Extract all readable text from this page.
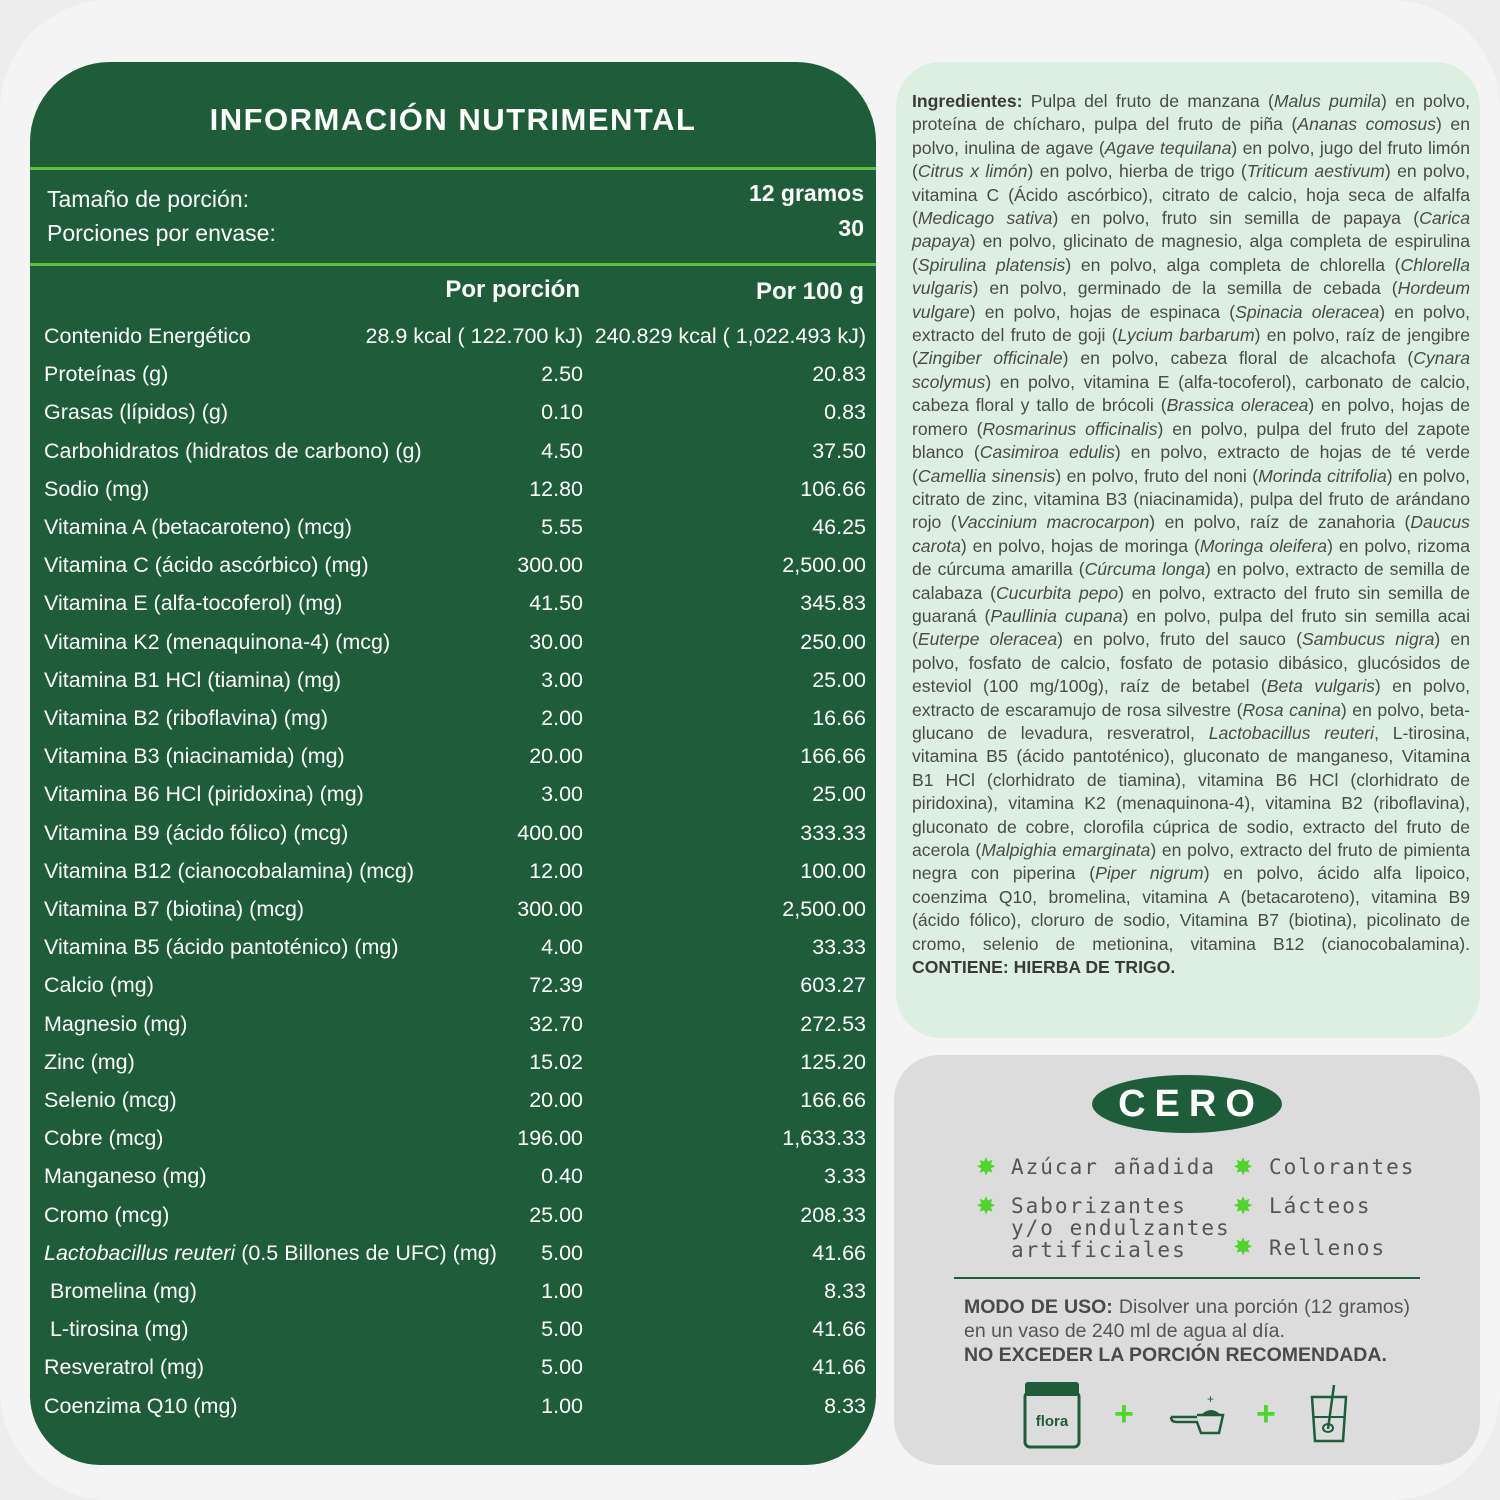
INFORMACIÓN NUTRIMENTAL
Tamaño de porción:	12 gramos
Porciones por envase:	30
Por porción	Por 100 g
Contenido Energético	28.9 kcal ( 122.700 kJ) 240.829 kcal ( 1,022.493 kJ)
Proteínas (g)	2.50	20.83
Grasas (lípidos) (g)	0.10	0.83
Carbohidratos (hidratos de carbono) (g)	4.50	37.50
Sodio (mg)	12.80	106.66
Vitamina A (betacaroteno) (mcg)	5.55	46.25
Vitamina C (ácido ascórbico) (mg)	300.00	2,500.00
Vitamina E (alfa-tocoferol) (mg)	41.50	345.83
Vitamina K2 (menaquinona-4) (mcg)	30.00	250.00
Vitamina B1 HCl (tiamina) (mg)	3.00	25.00
Vitamina B2 (riboflavina) (mg)	2.00	16.66
Vitamina B3 (niacinamida) (mg)	20.00	166.66
Vitamina B6 HCl (piridoxina) (mg)	3.00	25.00
Vitamina B9 (ácido fólico) (mcg)	400.00	333.33
Vitamina B12 (cianocobalamina) (mcg)	12.00	100.00
Vitamina B7 (biotina) (mcg)	300.00	2,500.00
Vitamina B5 (ácido pantoténico) (mg)	4.00	33.33
Calcio (mg)	72.39	603.27
Magnesio (mg)	32.70	272.53
Zinc (mg)	15.02	125.20
Selenio (mcg)	20.00	166.66
Cobre (mcg)	196.00	1,633.33
Manganeso (mg)	0.40	3.33
Cromo (mcg)	25.00	208.33
Lactobacillus reuteri (0.5 Billones de UFC) (mg) 5.00	41.66
Bromelina (mg)	1.00	8.33
L-tirosina (mg)	5.00	41.66
Resveratrol (mg)	5.00	41.66
Coenzima Q10 (mg)	1.00	8.33

Ingredientes: Pulpa del fruto de manzana (Malus pumila) en polvo, proteína de chícharo, pulpa del fruto de piña (Ananas comosus) en polvo, inulina de agave (Agave tequilana) en polvo, jugo del fruto limón (Citrus x limón) en polvo, hierba de trigo (Triticum aestivum) en polvo, vitamina C (Ácido ascórbico), citrato de calcio, hoja seca de alfalfa (Medicago sativa) en polvo, fruto sin semilla de papaya (Carica papaya) en polvo, glicinato de magnesio, alga completa de espirulina (Spirulina platensis) en polvo, alga completa de chlorella (Chlorella vulgaris) en polvo, germinado de la semilla de cebada (Hordeum vulgare) en polvo, hojas de espinaca (Spinacia oleracea) en polvo, extracto del fruto de goji (Lycium barbarum) en polvo, raíz de jengibre (Zingiber officinale) en polvo, cabeza floral de alcachofa (Cynara scolymus) en polvo, vitamina E (alfa-tocoferol), carbonato de calcio, cabeza floral y tallo de brócoli (Brassica oleracea) en polvo, hojas de romero (Rosmarinus officinalis) en polvo, pulpa del fruto del zapote blanco (Casimiroa edulis) en polvo, extracto de hojas de té verde (Camellia sinensis) en polvo, fruto del noni (Morinda citrifolia) en polvo, citrato de zinc, vitamina B3 (niacinamida), pulpa del fruto de arándano rojo (Vaccinium macrocarpon) en polvo, raíz de zanahoria (Daucus carota) en polvo, hojas de moringa (Moringa oleifera) en polvo, rizoma de cúrcuma amarilla (Cúrcuma longa) en polvo, extracto de semilla de calabaza (Cucurbita pepo) en polvo, extracto del fruto sin semilla de guaraná (Paullinia cupana) en polvo, pulpa del fruto sin semilla acai (Euterpe oleracea) en polvo, fruto del sauco (Sambucus nigra) en polvo, fosfato de calcio, fosfato de potasio dibásico, glucósidos de esteviol (100 mg/100g), raíz de betabel (Beta vulgaris) en polvo, extracto de escaramujo de rosa silvestre (Rosa canina) en polvo, beta-glucano de levadura, resveratrol, Lactobacillus reuteri, L-tirosina, vitamina B5 (ácido pantoténico), gluconato de manganeso, Vitamina B1 HCl (clorhidrato de tiamina), vitamina B6 HCl (clorhidrato de piridoxina), vitamina K2 (menaquinona-4), vitamina B2 (riboflavina), gluconato de cobre, clorofila cúprica de sodio, extracto del fruto de acerola (Malpighia emarginata) en polvo, extracto del fruto de pimienta negra con piperina (Piper nigrum) en polvo, ácido alfa lipoico, coenzima Q10, bromelina, vitamina A (betacaroteno), vitamina B9 (ácido fólico), cloruro de sodio, Vitamina B7 (biotina), picolinato de cromo, selenio de metionina, vitamina B12 (cianocobalamina). CONTIENE: HIERBA DE TRIGO.

CERO
✸ Azúcar añadida
✸ Saborizantes
y/o endulzantes
artificiales
✸ Colorantes
✸ Lácteos
✸ Rellenos
MODO DE USO: Disolver una porción (12 gramos) en un vaso de 240 ml de agua al día.
NO EXCEDER LA PORCIÓN RECOMENDADA.
flora +	+ +
